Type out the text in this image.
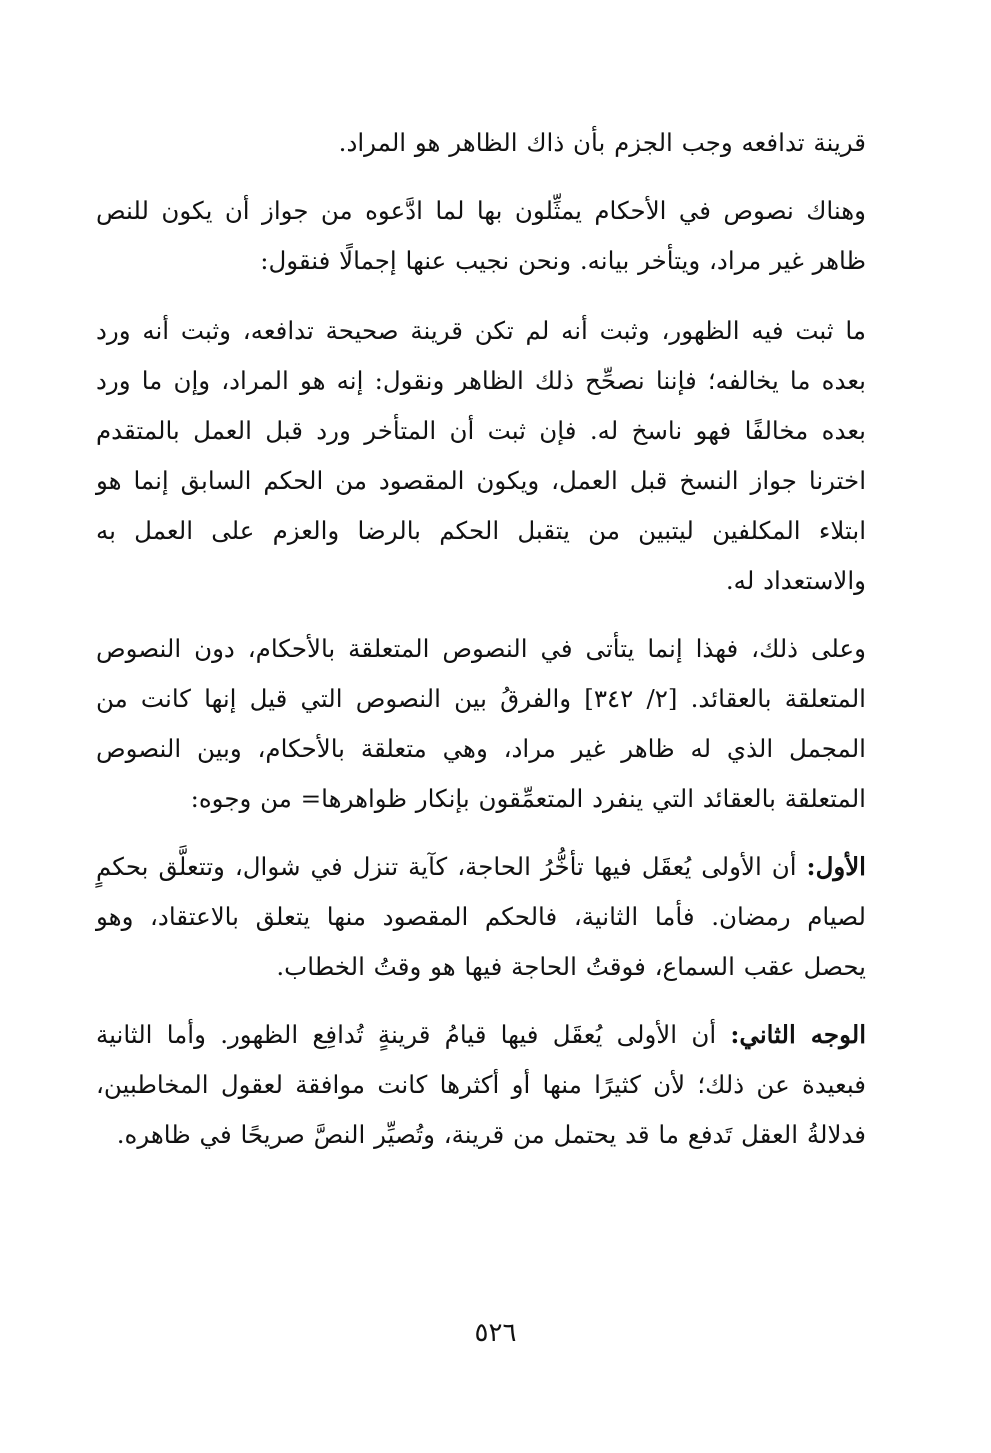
قرينة تدافعه وجب الجزم بأن ذاك الظاهر هو المراد.

وهناك نصوص في الأحكام يمثِّلون بها لما ادَّعوه من جواز أن يكون للنص ظاهر غير مراد، ويتأخر بيانه. ونحن نجيب عنها إجمالًا فنقول:

ما ثبت فيه الظهور، وثبت أنه لم تكن قرينة صحيحة تدافعه، وثبت أنه ورد بعده ما يخالفه؛ فإننا نصحِّح ذلك الظاهر ونقول: إنه هو المراد، وإن ما ورد بعده مخالفًا فهو ناسخ له. فإن ثبت أن المتأخر ورد قبل العمل بالمتقدم اخترنا جواز النسخ قبل العمل، ويكون المقصود من الحكم السابق إنما هو ابتلاء المكلفين ليتبين من يتقبل الحكم بالرضا والعزم على العمل به والاستعداد له.

وعلى ذلك، فهذا إنما يتأتى في النصوص المتعلقة بالأحكام، دون النصوص المتعلقة بالعقائد. [٢/ ٣٤٢] والفرقُ بين النصوص التي قيل إنها كانت من المجمل الذي له ظاهر غير مراد، وهي متعلقة بالأحكام، وبين النصوص المتعلقة بالعقائد التي ينفرد المتعمِّقون بإنكار ظواهرها= من وجوه:

الأول: أن الأولى يُعقَل فيها تأخُّرُ الحاجة، كآية تنزل في شوال، وتتعلَّق بحكمٍ لصيام رمضان. فأما الثانية، فالحكم المقصود منها يتعلق بالاعتقاد، وهو يحصل عقب السماع، فوقتُ الحاجة فيها هو وقتُ الخطاب.

الوجه الثاني: أن الأولى يُعقَل فيها قيامُ قرينةٍ تُدافِع الظهور. وأما الثانية فبعيدة عن ذلك؛ لأن كثيرًا منها أو أكثرها كانت موافقة لعقول المخاطبين، فدلالةُ العقل تَدفع ما قد يحتمل من قرينة، وتُصيِّر النصَّ صريحًا في ظاهره.

٥٢٦
